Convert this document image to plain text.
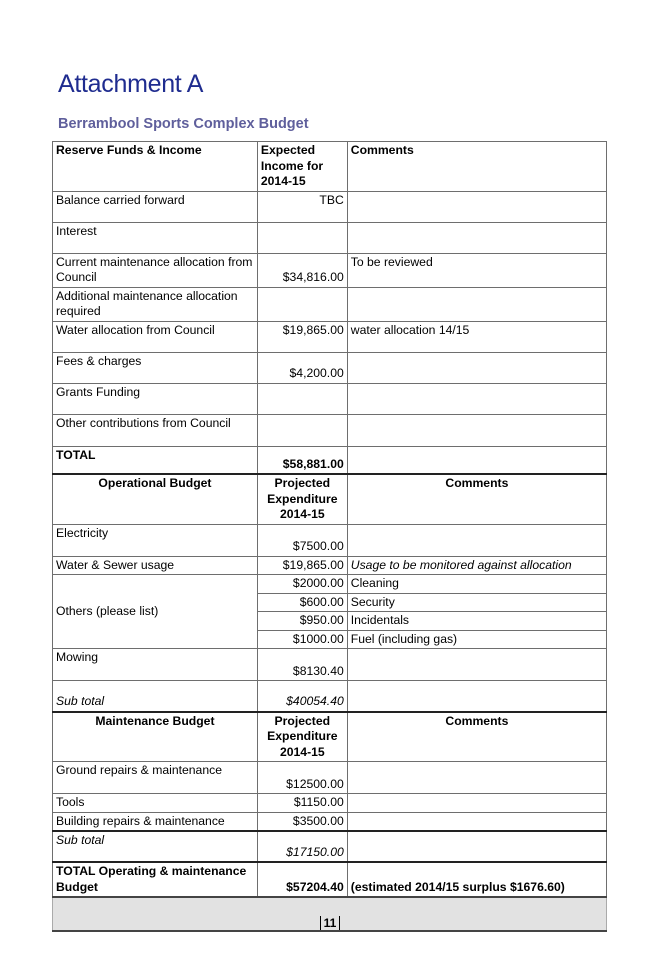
Attachment A
Berrambool Sports Complex Budget
Reserve Funds & Income	Expected Income for 2014-15	Comments
Balance carried forward	TBC	
Interest		
Current maintenance allocation from Council	$34,816.00	To be reviewed
Additional maintenance allocation required		
Water allocation from Council	$19,865.00	water allocation 14/15
Fees & charges	$4,200.00	
Grants Funding		
Other contributions from Council		
TOTAL	$58,881.00	
Operational Budget	Projected Expenditure 2014-15	Comments
Electricity	$7500.00	
Water & Sewer usage	$19,865.00	Usage to be monitored against allocation
Others (please list)	$2000.00	Cleaning
	$600.00	Security
	$950.00	Incidentals
	$1000.00	Fuel (including gas)
Mowing	$8130.40	
Sub total	$40054.40	
Maintenance Budget	Projected Expenditure 2014-15	Comments
Ground repairs & maintenance	$12500.00	
Tools	$1150.00	
Building repairs & maintenance	$3500.00	
Sub total	$17150.00	
TOTAL Operating & maintenance Budget	$57204.40	(estimated 2014/15 surplus $1676.60)

11
